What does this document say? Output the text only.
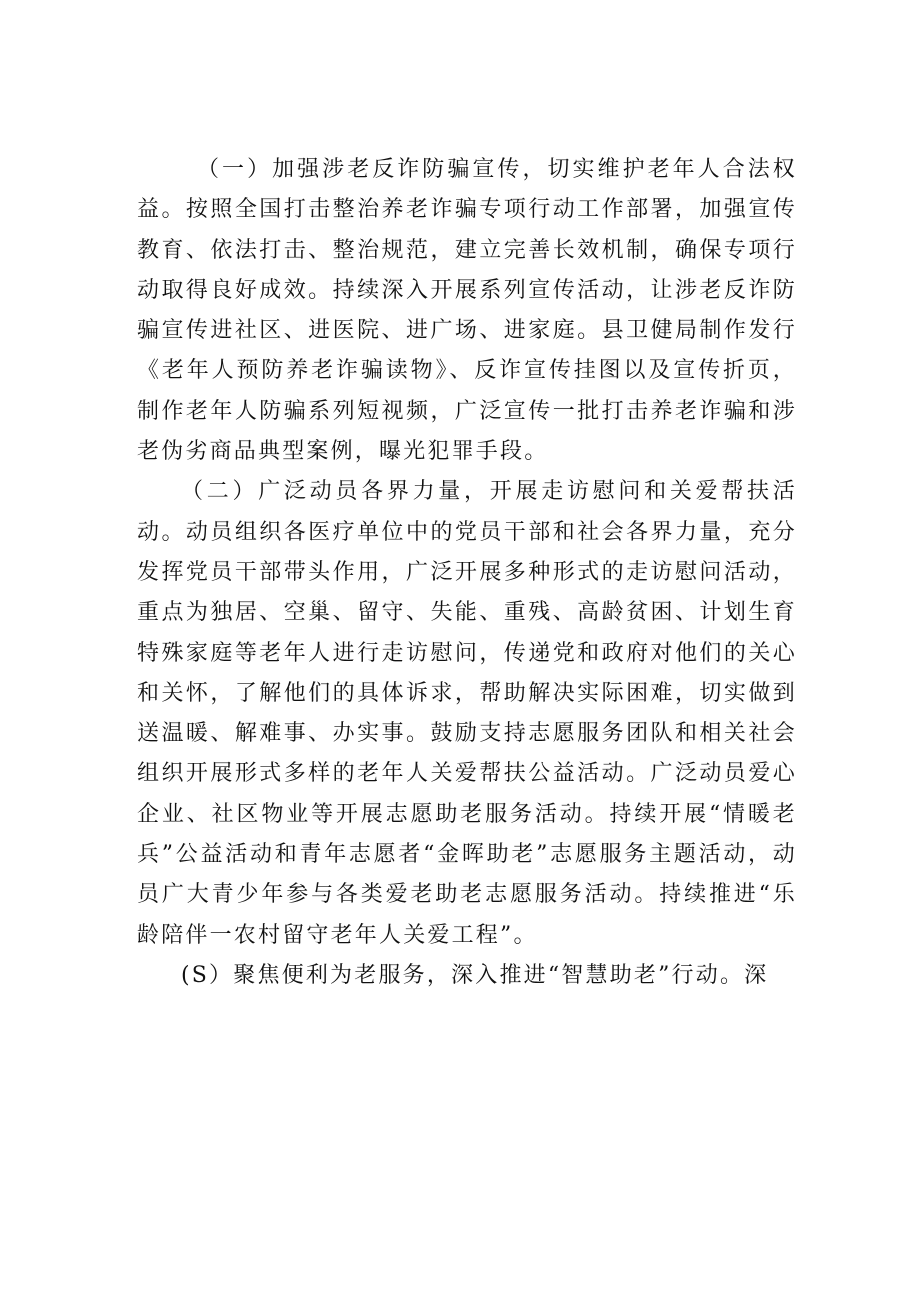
（一）加强涉老反诈防骗宣传，切实维护老年人合法权益。按照全国打击整治养老诈骗专项行动工作部署，加强宣传教育、依法打击、整治规范，建立完善长效机制，确保专项行动取得良好成效。持续深入开展系列宣传活动，让涉老反诈防骗宣传进社区、进医院、进广场、进家庭。县卫健局制作发行《老年人预防养老诈骗读物》、反诈宣传挂图以及宣传折页，制作老年人防骗系列短视频，广泛宣传一批打击养老诈骗和涉老伪劣商品典型案例，曝光犯罪手段。

（二）广泛动员各界力量，开展走访慰问和关爱帮扶活动。动员组织各医疗单位中的党员干部和社会各界力量，充分发挥党员干部带头作用，广泛开展多种形式的走访慰问活动，重点为独居、空巢、留守、失能、重残、高龄贫困、计划生育特殊家庭等老年人进行走访慰问，传递党和政府对他们的关心和关怀，了解他们的具体诉求，帮助解决实际困难，切实做到送温暖、解难事、办实事。鼓励支持志愿服务团队和相关社会组织开展形式多样的老年人关爱帮扶公益活动。广泛动员爱心企业、社区物业等开展志愿助老服务活动。持续开展“情暖老兵”公益活动和青年志愿者“金晖助老”志愿服务主题活动，动员广大青少年参与各类爱老助老志愿服务活动。持续推进“乐龄陪伴一农村留守老年人关爱工程”。

(S）聚焦便利为老服务，深入推进“智慧助老”行动。深
